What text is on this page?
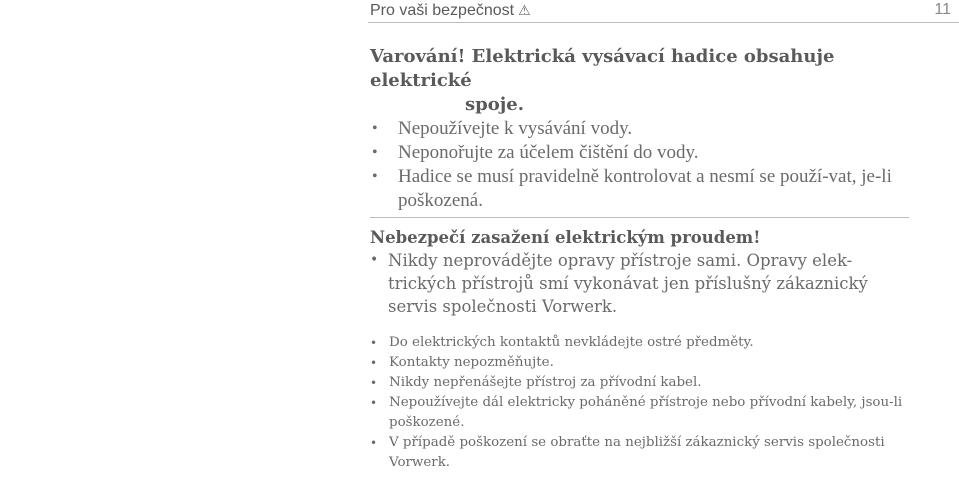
Pro vaši bezpečnost ⚠	11

Varování! Elektrická vysávací hadice obsahuje elektrické
spoje.

• Nepoužívejte k vysávání vody.
• Neponořujte za účelem čištění do vody.
• Hadice se musí pravidelně kontrolovat a nesmí se použí-vat, je-li poškozená.

Nebezpečí zasažení elektrickým proudem!

• Nikdy neprovádějte opravy přístroje sami. Opravy elek-trických přístrojů smí vykonávat jen příslušný zákaznický servis společnosti Vorwerk.
• Do elektrických kontaktů nevkládejte ostré předměty.
• Kontakty nepozměňujte.
• Nikdy nepřenášejte přístroj za přívodní kabel.
• Nepoužívejte dál elektricky poháněné přístroje nebo přívodní kabely, jsou-li poškozené.
• V případě poškození se obraťte na nejbližší zákaznický servis společnosti Vorwerk.
